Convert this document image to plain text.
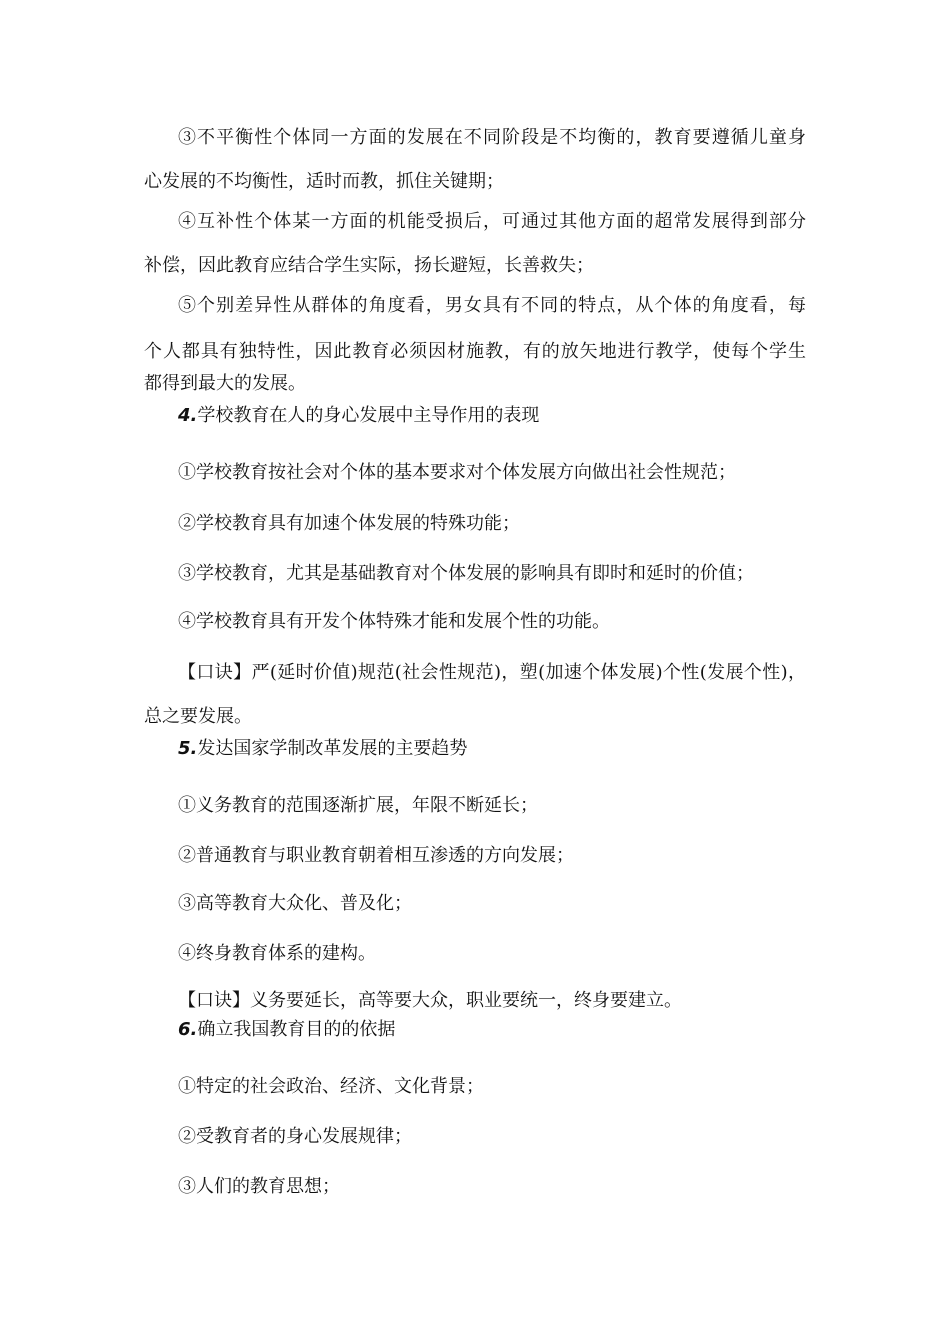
③不平衡性个体同一方面的发展在不同阶段是不均衡的，教育要遵循儿童身
心发展的不均衡性，适时而教，抓住关键期；
④互补性个体某一方面的机能受损后，可通过其他方面的超常发展得到部分
补偿，因此教育应结合学生实际，扬长避短，长善救失；
⑤个别差异性从群体的角度看，男女具有不同的特点，从个体的角度看，每
个人都具有独特性，因此教育必须因材施教，有的放矢地进行教学，使每个学生
都得到最大的发展。
4.学校教育在人的身心发展中主导作用的表现
①学校教育按社会对个体的基本要求对个体发展方向做出社会性规范；
②学校教育具有加速个体发展的特殊功能；
③学校教育，尤其是基础教育对个体发展的影响具有即时和延时的价值；
④学校教育具有开发个体特殊才能和发展个性的功能。
【口诀】严(延时价值)规范(社会性规范)，塑(加速个体发展)个性(发展个性)，
总之要发展。
5.发达国家学制改革发展的主要趋势
①义务教育的范围逐渐扩展，年限不断延长；
②普通教育与职业教育朝着相互渗透的方向发展；
③高等教育大众化、普及化；
④终身教育体系的建构。
【口诀】义务要延长，高等要大众，职业要统一，终身要建立。
6.确立我国教育目的的依据
①特定的社会政治、经济、文化背景；
②受教育者的身心发展规律；
③人们的教育思想；
